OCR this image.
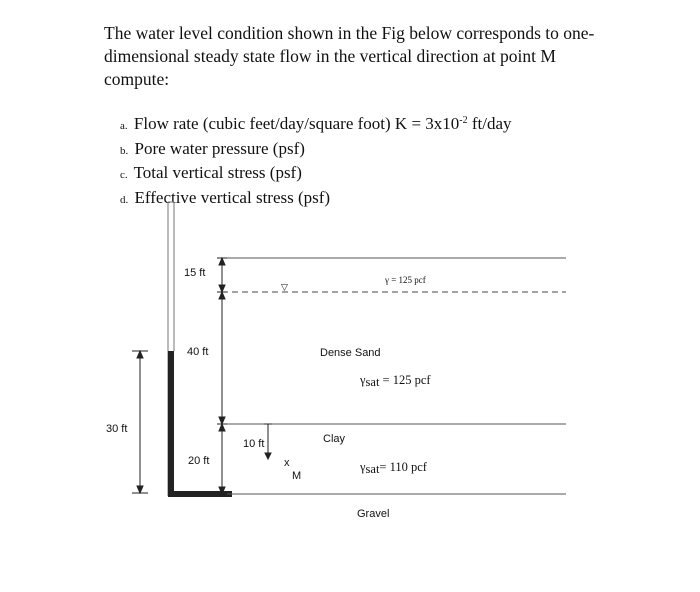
The water level condition shown in the Fig below corresponds to one-dimensional steady state flow in the vertical direction at point M compute:

a. Flow rate (cubic feet/day/square foot) $K = 3x10^{-2}$ ft/day
b. Pore water pressure (psf)
c. Total vertical stress (psf)
d. Effective vertical stress (psf)
▽
15 ft
40 ft
20 ft
10 ft
x
M
30 ft
γ = 125 pcf
Dense Sand
γsat = 125 pcf
Clay
γsat= 110 pcf
Gravel
